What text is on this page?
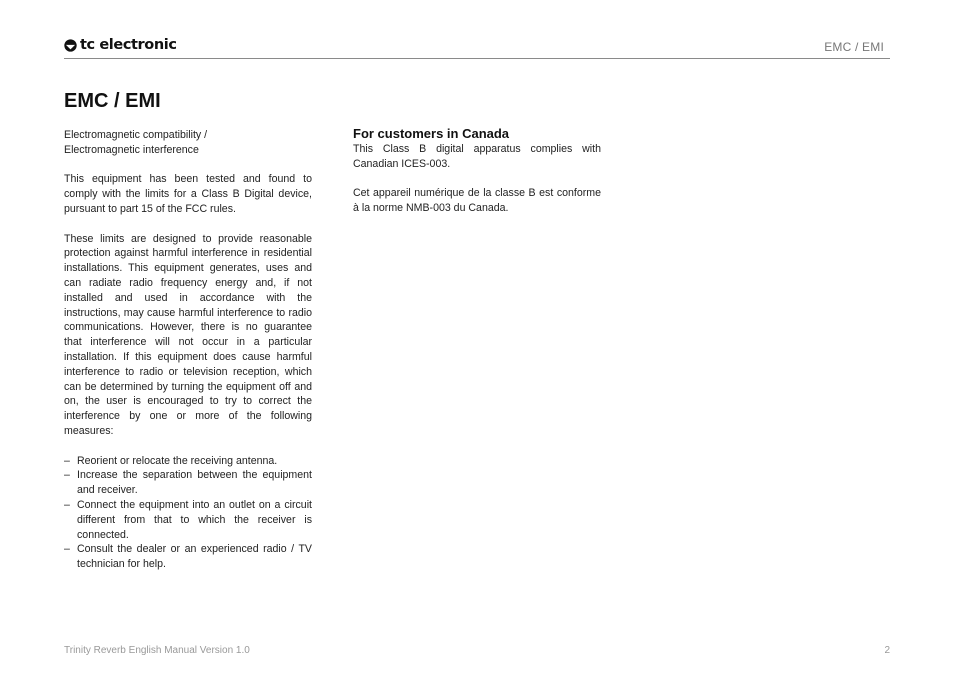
tc electronic	EMC / EMI
EMC / EMI

Electromagnetic compatibility /
Electromagnetic interference

This equipment has been tested and found to comply with the limits for a Class B Digital device, pursuant to part 15 of the FCC rules.

These limits are designed to provide reasonable protection against harmful interference in residential installations. This equipment generates, uses and can radiate radio frequency energy and, if not installed and used in accordance with the instructions, may cause harmful interference to radio communications. However, there is no guarantee that interference will not occur in a particular installation. If this equipment does cause harmful interference to radio or television reception, which can be determined by turning the equipment off and on, the user is encouraged to try to correct the interference by one or more of the following measures:

– Reorient or relocate the receiving antenna.
– Increase the separation between the equipment and receiver.
– Connect the equipment into an outlet on a circuit different from that to which the receiver is connected.
– Consult the dealer or an experienced radio / TV technician for help.
For customers in Canada

This Class B digital apparatus complies with Canadian ICES-003.

Cet appareil numérique de la classe B est conforme à la norme NMB-003 du Canada.

Trinity Reverb English Manual Version 1.0	2
